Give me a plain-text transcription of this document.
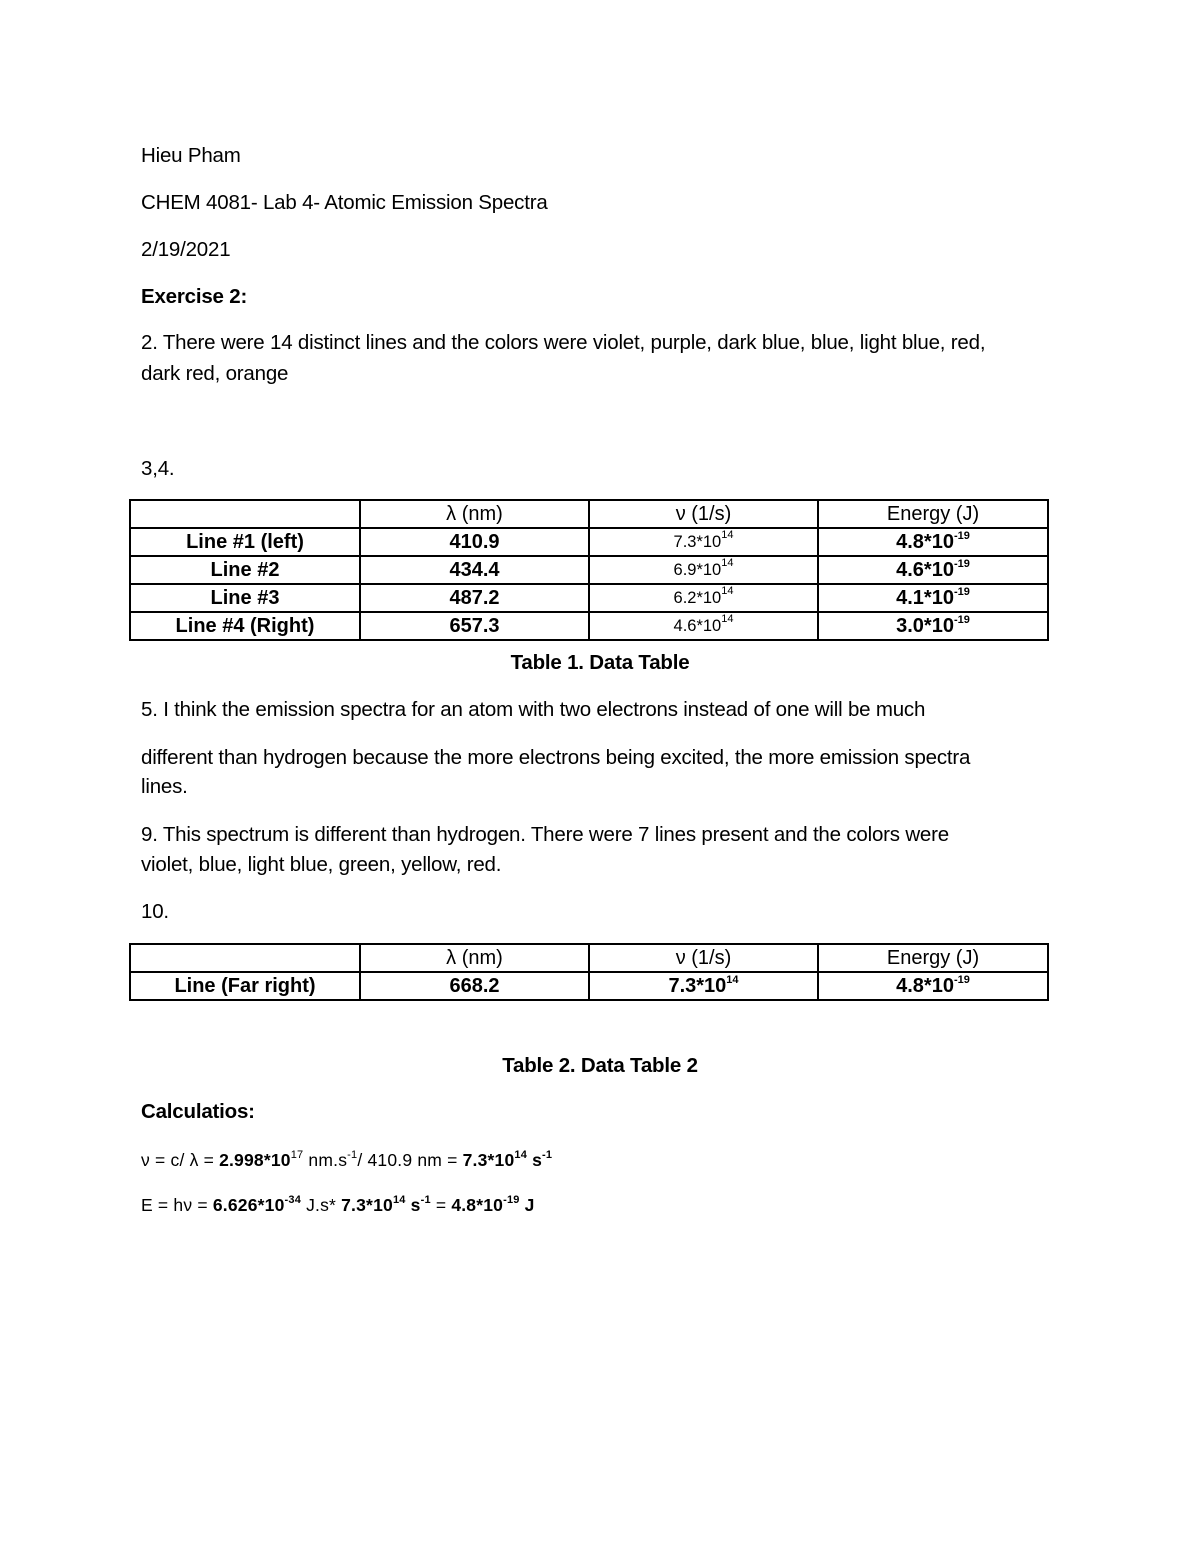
Hieu Pham
CHEM 4081- Lab 4- Atomic Emission Spectra
2/19/2021
Exercise 2:
2. There were 14 distinct lines and the colors were violet, purple, dark blue, blue, light blue, red,
dark red, orange
3,4.
	λ (nm)	ν (1/s)	Energy (J)
Line #1 (left)	410.9	$7.3*10^{14}$	$4.8*10^{-19}$
Line #2	434.4	$6.9*10^{14}$	$4.6*10^{-19}$
Line #3	487.2	$6.2*10^{14}$	$4.1*10^{-19}$
Line #4 (Right)	657.3	$4.6*10^{14}$	$3.0*10^{-19}$
Table 1. Data Table
5. I think the emission spectra for an atom with two electrons instead of one will be much
different than hydrogen because the more electrons being excited, the more emission spectra
lines.
9. This spectrum is different than hydrogen. There were 7 lines present and the colors were
violet, blue, light blue, green, yellow, red.
10.
	λ (nm)	ν (1/s)	Energy (J)
Line (Far right)	668.2	$7.3*10^{14}$	$4.8*10^{-19}$
Table 2. Data Table 2
Calculatios:
ν = c/ $\lambda = 2.998*10^{17}$ $nm.s^{-1}/$ 410.9 nm = $7.3*10^{14}$ $s^{-1}$
$E = h\nu = 6.626*10^{-34}$ J.s* $7.3*10^{14}$ $s^{-1} = 4.8*10^{-19}$ J
